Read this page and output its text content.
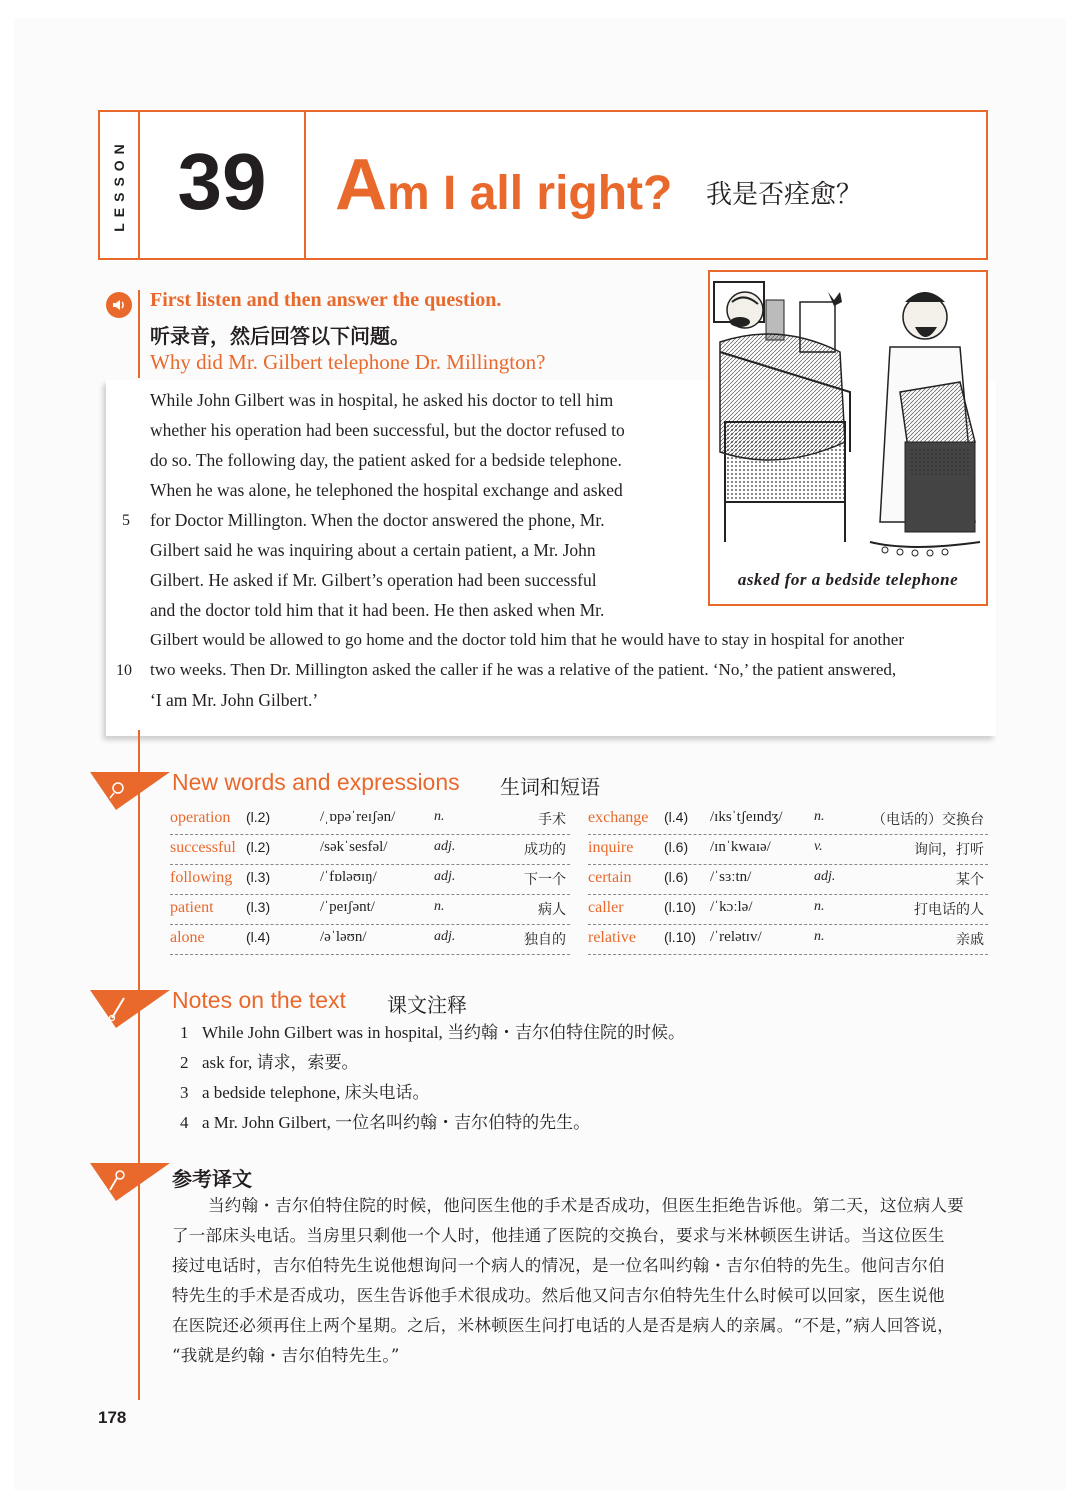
LESSON 39 Am I all right? 我是否痊愈？
First listen and then answer the question.
听录音，然后回答以下问题。
Why did Mr. Gilbert telephone Dr. Millington?
While John Gilbert was in hospital, he asked his doctor to tell him
whether his operation had been successful, but the doctor refused to
do so. The following day, the patient asked for a bedside telephone.
When he was alone, he telephoned the hospital exchange and asked
for Doctor Millington. When the doctor answered the phone, Mr.
Gilbert said he was inquiring about a certain patient, a Mr. John
Gilbert. He asked if Mr. Gilbert’s operation had been successful
and the doctor told him that it had been. He then asked when Mr.
Gilbert would be allowed to go home and the doctor told him that he would have to stay in hospital for another
two weeks. Then Dr. Millington asked the caller if he was a relative of the patient. ‘No,’ the patient answered,
‘I am Mr. John Gilbert.’
5
10
asked for a bedside telephone
New words and expressions 生词和短语
operation (l.2)	/ˌɒpəˈreɪʃən/	n.	手术
successful (l.2)	/səkˈsesfəl/	adj.	成功的
following (l.3)	/ˈfɒləʊɪŋ/	adj.	下一个
patient (l.3)	/ˈpeɪʃənt/	n.	病人
alone	(l.4)	/əˈləʊn/	adj.	独自的
exchange (l.4) /ɪksˈtʃeɪndʒ/ n.	（电话的）交换台
inquire (l.6) /ɪnˈkwaɪə/	v.	询问，打听
certain (l.6) /ˈsɜːtn/	adj.	某个
caller	(l.10) /ˈkɔːlə/	n.	打电话的人
relative (l.10) /ˈrelətɪv/	n.	亲戚
Notes on the text 课文注释
1 While John Gilbert was in hospital, 当约翰・吉尔伯特住院的时候。
2 ask for, 请求，索要。
3 a bedside telephone, 床头电话。
4 a Mr. John Gilbert, 一位名叫约翰・吉尔伯特的先生。
参考译文
当约翰・吉尔伯特住院的时候，他问医生他的手术是否成功，但医生拒绝告诉他。第二天，这位病人要
了一部床头电话。当房里只剩他一个人时，他挂通了医院的交换台，要求与米林顿医生讲话。当这位医生
接过电话时，吉尔伯特先生说他想询问一个病人的情况，是一位名叫约翰・吉尔伯特的先生。他问吉尔伯
特先生的手术是否成功，医生告诉他手术很成功。然后他又问吉尔伯特先生什么时候可以回家，医生说他
在医院还必须再住上两个星期。之后，米林顿医生问打电话的人是否是病人的亲属。“不是，”病人回答说，
“我就是约翰・吉尔伯特先生。”
178
